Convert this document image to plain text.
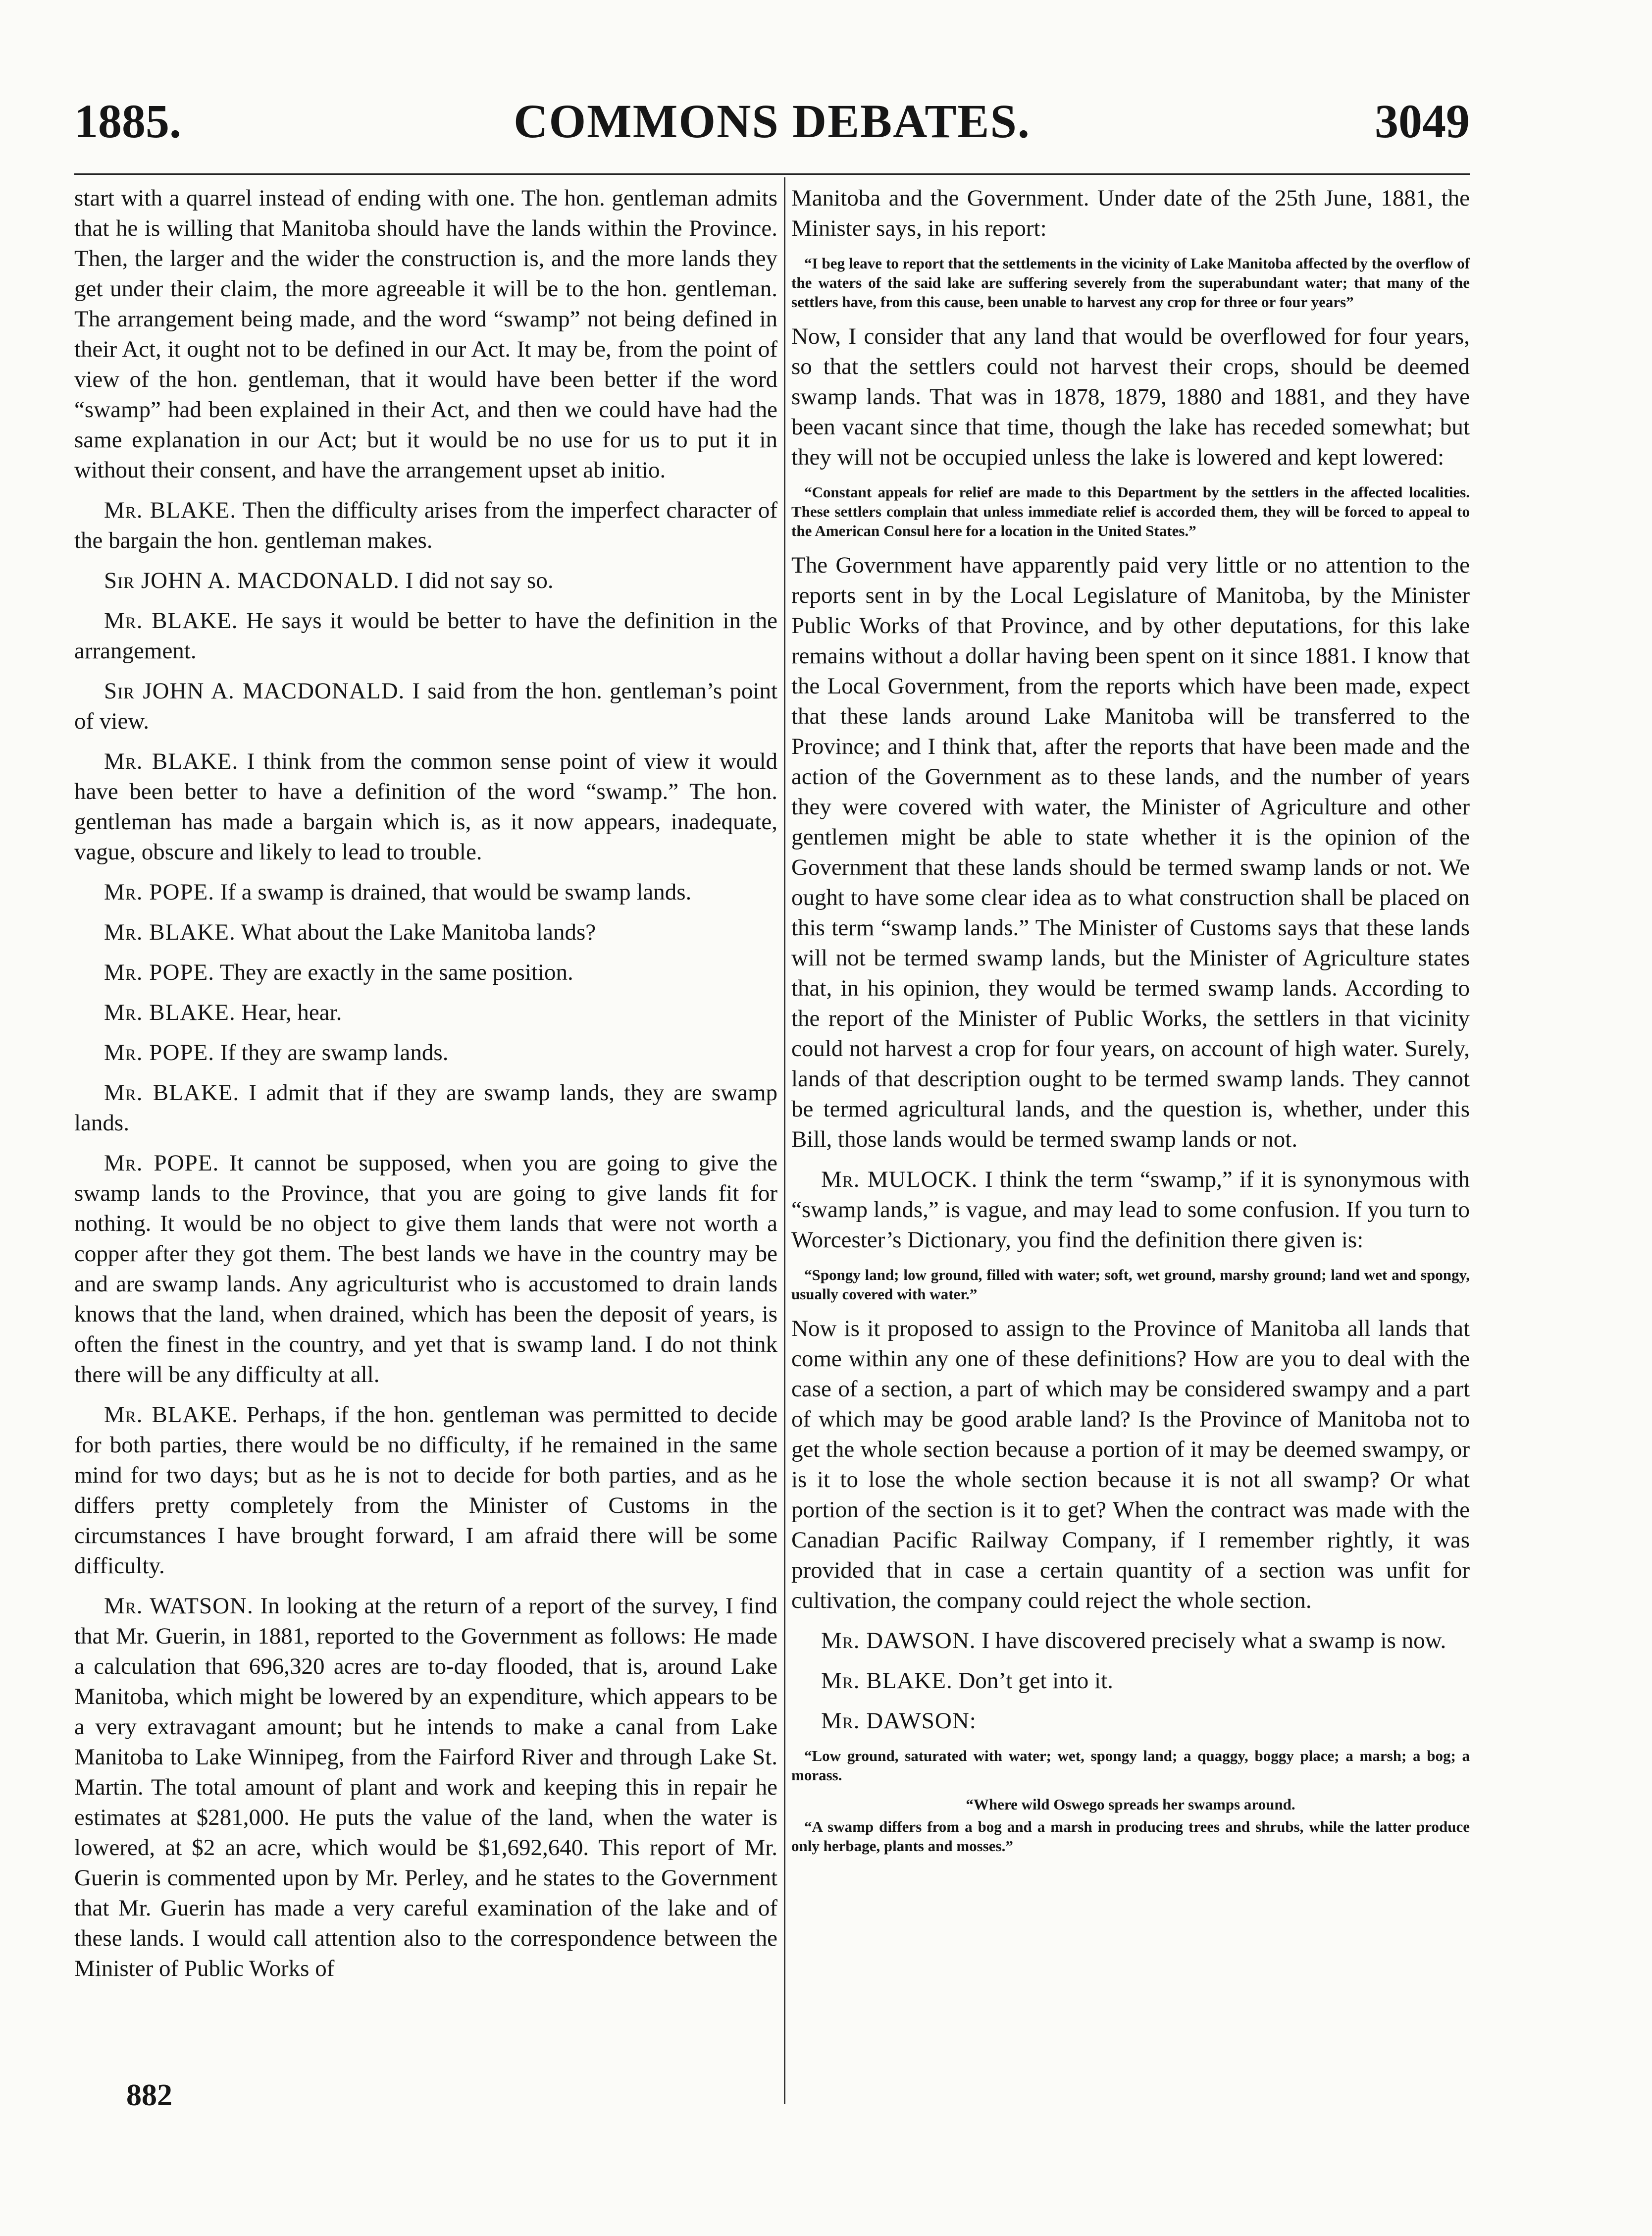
1885.	COMMONS DEBATES.	3049

start with a quarrel instead of ending with one. The hon. gentleman admits that he is willing that Manitoba should have the lands within the Province. Then, the larger and the wider the construction is, and the more lands they get under their claim, the more agreeable it will be to the hon. gentleman. The arrangement being made, and the word “swamp” not being defined in their Act, it ought not to be defined in our Act. It may be, from the point of view of the hon. gentleman, that it would have been better if the word “swamp” had been explained in their Act, and then we could have had the same explanation in our Act; but it would be no use for us to put it in without their consent, and have the arrangement upset ab initio.

Mr. BLAKE. Then the difficulty arises from the imperfect character of the bargain the hon. gentleman makes.

Sir JOHN A. MACDONALD. I did not say so.

Mr. BLAKE. He says it would be better to have the definition in the arrangement.

Sir JOHN A. MACDONALD. I said from the hon. gentleman’s point of view.

Mr. BLAKE. I think from the common sense point of view it would have been better to have a definition of the word “swamp.” The hon. gentleman has made a bargain which is, as it now appears, inadequate, vague, obscure and likely to lead to trouble.

Mr. POPE. If a swamp is drained, that would be swamp lands.

Mr. BLAKE. What about the Lake Manitoba lands?

Mr. POPE. They are exactly in the same position.

Mr. BLAKE. Hear, hear.

Mr. POPE. If they are swamp lands.

Mr. BLAKE. I admit that if they are swamp lands, they are swamp lands.

Mr. POPE. It cannot be supposed, when you are going to give the swamp lands to the Province, that you are going to give lands fit for nothing. It would be no object to give them lands that were not worth a copper after they got them. The best lands we have in the country may be and are swamp lands. Any agriculturist who is accustomed to drain lands knows that the land, when drained, which has been the deposit of years, is often the finest in the country, and yet that is swamp land. I do not think there will be any difficulty at all.

Mr. BLAKE. Perhaps, if the hon. gentleman was permitted to decide for both parties, there would be no difficulty, if he remained in the same mind for two days; but as he is not to decide for both parties, and as he differs pretty completely from the Minister of Customs in the circumstances I have brought forward, I am afraid there will be some difficulty.

Mr. WATSON. In looking at the return of a report of the survey, I find that Mr. Guerin, in 1881, reported to the Government as follows: He made a calculation that 696,320 acres are to-day flooded, that is, around Lake Manitoba, which might be lowered by an expenditure, which appears to be a very extravagant amount; but he intends to make a canal from Lake Manitoba to Lake Winnipeg, from the Fairford River and through Lake St. Martin. The total amount of plant and work and keeping this in repair he estimates at $281,000. He puts the value of the land, when the water is lowered, at $2 an acre, which would be $1,692,640. This report of Mr. Guerin is commented upon by Mr. Perley, and he states to the Government that Mr. Guerin has made a very careful examination of the lake and of these lands. I would call attention also to the correspondence between the Minister of Public Works of

Manitoba and the Government. Under date of the 25th June, 1881, the Minister says, in his report:

“I beg leave to report that the settlements in the vicinity of Lake Manitoba affected by the overflow of the waters of the said lake are suffering severely from the superabundant water; that many of the settlers have, from this cause, been unable to harvest any crop for three or four years”

Now, I consider that any land that would be overflowed for four years, so that the settlers could not harvest their crops, should be deemed swamp lands. That was in 1878, 1879, 1880 and 1881, and they have been vacant since that time, though the lake has receded somewhat; but they will not be occupied unless the lake is lowered and kept lowered:

“Constant appeals for relief are made to this Department by the settlers in the affected localities. These settlers complain that unless immediate relief is accorded them, they will be forced to appeal to the American Consul here for a location in the United States.”

The Government have apparently paid very little or no attention to the reports sent in by the Local Legislature of Manitoba, by the Minister Public Works of that Province, and by other deputations, for this lake remains without a dollar having been spent on it since 1881. I know that the Local Government, from the reports which have been made, expect that these lands around Lake Manitoba will be transferred to the Province; and I think that, after the reports that have been made and the action of the Government as to these lands, and the number of years they were covered with water, the Minister of Agriculture and other gentlemen might be able to state whether it is the opinion of the Government that these lands should be termed swamp lands or not. We ought to have some clear idea as to what construction shall be placed on this term “swamp lands.” The Minister of Customs says that these lands will not be termed swamp lands, but the Minister of Agriculture states that, in his opinion, they would be termed swamp lands. According to the report of the Minister of Public Works, the settlers in that vicinity could not harvest a crop for four years, on account of high water. Surely, lands of that description ought to be termed swamp lands. They cannot be termed agricultural lands, and the question is, whether, under this Bill, those lands would be termed swamp lands or not.

Mr. MULOCK. I think the term “swamp,” if it is synonymous with “swamp lands,” is vague, and may lead to some confusion. If you turn to Worcester’s Dictionary, you find the definition there given is:

“Spongy land; low ground, filled with water; soft, wet ground, marshy ground; land wet and spongy, usually covered with water.”

Now is it proposed to assign to the Province of Manitoba all lands that come within any one of these definitions? How are you to deal with the case of a section, a part of which may be considered swampy and a part of which may be good arable land? Is the Province of Manitoba not to get the whole section because a portion of it may be deemed swampy, or is it to lose the whole section because it is not all swamp? Or what portion of the section is it to get? When the contract was made with the Canadian Pacific Railway Company, if I remember rightly, it was provided that in case a certain quantity of a section was unfit for cultivation, the company could reject the whole section.

Mr. DAWSON. I have discovered precisely what a swamp is now.

Mr. BLAKE. Don’t get into it.

Mr. DAWSON:

“Low ground, saturated with water; wet, spongy land; a quaggy, boggy place; a marsh; a bog; a morass.

“Where wild Oswego spreads her swamps around.

“A swamp differs from a bog and a marsh in producing trees and shrubs, while the latter produce only herbage, plants and mosses.”

882
